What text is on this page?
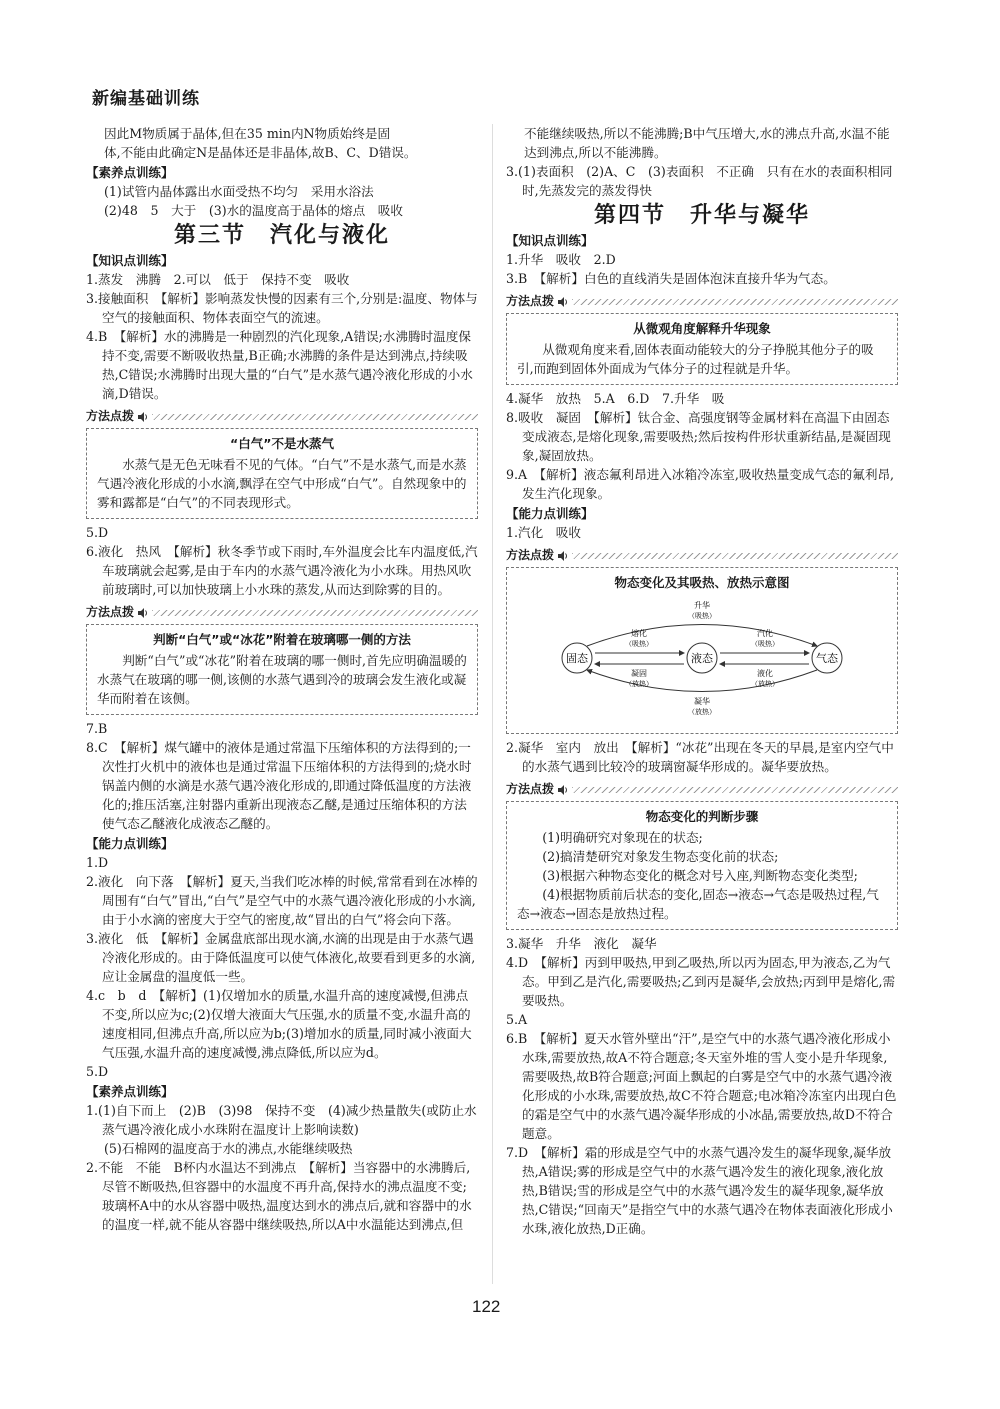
新编基础训练

因此M物质属于晶体,但在35 min内N物质始终是固

体,不能由此确定N是晶体还是非晶体,故B、C、D错误。

【素养点训练】

(1)试管内晶体露出水面受热不均匀　采用水浴法

(2)48　5　大于　(3)水的温度高于晶体的熔点　吸收

第三节　汽化与液化

【知识点训练】

1.蒸发　沸腾　2.可以　低于　保持不变　吸收

3.接触面积　【解析】影响蒸发快慢的因素有三个,分别是:温度、物体与空气的接触面积、物体表面空气的流速。

4.B　【解析】水的沸腾是一种剧烈的汽化现象,A错误;水沸腾时温度保持不变,需要不断吸收热量,B正确;水沸腾的条件是达到沸点,持续吸热,C错误;水沸腾时出现大量的“白气”是水蒸气遇冷液化形成的小水滴,D错误。

方法点拨
“白气”不是水蒸气
水蒸气是无色无味看不见的气体。“白气”不是水蒸气,而是水蒸气遇冷液化形成的小水滴,飘浮在空气中形成“白气”。自然现象中的雾和露都是“白气”的不同表现形式。

5.D

6.液化　热风　【解析】秋冬季节或下雨时,车外温度会比车内温度低,汽车玻璃就会起雾,是由于车内的水蒸气遇冷液化为小水珠。用热风吹前玻璃时,可以加快玻璃上小水珠的蒸发,从而达到除雾的目的。

方法点拨
判断“白气”或“冰花”附着在玻璃哪一侧的方法
判断“白气”或“冰花”附着在玻璃的哪一侧时,首先应明确温暖的水蒸气在玻璃的哪一侧,该侧的水蒸气遇到冷的玻璃会发生液化或凝华而附着在该侧。

7.B

8.C　【解析】煤气罐中的液体是通过常温下压缩体积的方法得到的;一次性打火机中的液体也是通过常温下压缩体积的方法得到的;烧水时锅盖内侧的水滴是水蒸气遇冷液化形成的,即通过降低温度的方法液化的;推压活塞,注射器内重新出现液态乙醚,是通过压缩体积的方法使气态乙醚液化成液态乙醚的。

【能力点训练】

1.D

2.液化　向下落　【解析】夏天,当我们吃冰棒的时候,常常看到在冰棒的周围有“白气”冒出,“白气”是空气中的水蒸气遇冷液化形成的小水滴,由于小水滴的密度大于空气的密度,故“冒出的白气”将会向下落。

3.液化　低　【解析】金属盘底部出现水滴,水滴的出现是由于水蒸气遇冷液化形成的。由于降低温度可以使气体液化,故要看到更多的水滴,应让金属盘的温度低一些。

4.c　b　d　【解析】(1)仅增加水的质量,水温升高的速度减慢,但沸点不变,所以应为c;(2)仅增大液面大气压强,水的质量不变,水温升高的速度相同,但沸点升高,所以应为b;(3)增加水的质量,同时减小液面大气压强,水温升高的速度减慢,沸点降低,所以应为d。

5.D

【素养点训练】

1.(1)自下而上　(2)B　(3)98　保持不变　(4)减少热量散失(或防止水蒸气遇冷液化成小水珠附在温度计上影响读数)

(5)石棉网的温度高于水的沸点,水能继续吸热

2.不能　不能　B杯内水温达不到沸点　【解析】当容器中的水沸腾后,尽管不断吸热,但容器中的水温度不再升高,保持水的沸点温度不变;玻璃杯A中的水从容器中吸热,温度达到水的沸点后,就和容器中的水的温度一样,就不能从容器中继续吸热,所以A中水温能达到沸点,但

不能继续吸热,所以不能沸腾;B中气压增大,水的沸点升高,水温不能达到沸点,所以不能沸腾。

3.(1)表面积　(2)A、C　(3)表面积　不正确　只有在水的表面积相同时,先蒸发完的蒸发得快

第四节　升华与凝华

【知识点训练】

1.升华　吸收　2.D

3.B　【解析】白色的直线消失是固体泡沫直接升华为气态。

方法点拨
从微观角度解释升华现象
从微观角度来看,固体表面动能较大的分子挣脱其他分子的吸引,而跑到固体外面成为气体分子的过程就是升华。

4.凝华　放热　5.A　6.D　7.升华　吸

8.吸收　凝固　【解析】钛合金、高强度钢等金属材料在高温下由固态变成液态,是熔化现象,需要吸热;然后按构件形状重新结晶,是凝固现象,凝固放热。

9.A　【解析】液态氟利昂进入冰箱冷冻室,吸收热量变成气态的氟利昂,发生汽化现象。

【能力点训练】

1.汽化　吸收

方法点拨
物态变化及其吸热、放热示意图
固态	液态	气态
升华
（吸热）
凝华
（放热）
熔化
（吸热）
凝固
（放热）
汽化
（吸热）
液化
（放热）

2.凝华　室内　放出　【解析】“冰花”出现在冬天的早晨,是室内空气中的水蒸气遇到比较冷的玻璃窗凝华形成的。凝华要放热。

方法点拨
物态变化的判断步骤
(1)明确研究对象现在的状态;
(2)搞清楚研究对象发生物态变化前的状态;
(3)根据六种物态变化的概念对号入座,判断物态变化类型;
(4)根据物质前后状态的变化,固态→液态→气态是吸热过程,气态→液态→固态是放热过程。

3.凝华　升华　液化　凝华

4.D　【解析】丙到甲吸热,甲到乙吸热,所以丙为固态,甲为液态,乙为气态。甲到乙是汽化,需要吸热;乙到丙是凝华,会放热;丙到甲是熔化,需要吸热。

5.A

6.B　【解析】夏天水管外壁出“汗”,是空气中的水蒸气遇冷液化形成小水珠,需要放热,故A不符合题意;冬天室外堆的雪人变小是升华现象,需要吸热,故B符合题意;河面上飘起的白雾是空气中的水蒸气遇冷液化形成的小水珠,需要放热,故C不符合题意;电冰箱冷冻室内出现白色的霜是空气中的水蒸气遇冷凝华形成的小冰晶,需要放热,故D不符合题意。

7.D　【解析】霜的形成是空气中的水蒸气遇冷发生的凝华现象,凝华放热,A错误;雾的形成是空气中的水蒸气遇冷发生的液化现象,液化放热,B错误;雪的形成是空气中的水蒸气遇冷发生的凝华现象,凝华放热,C错误;“回南天”是指空气中的水蒸气遇冷在物体表面液化形成小水珠,液化放热,D正确。

122
